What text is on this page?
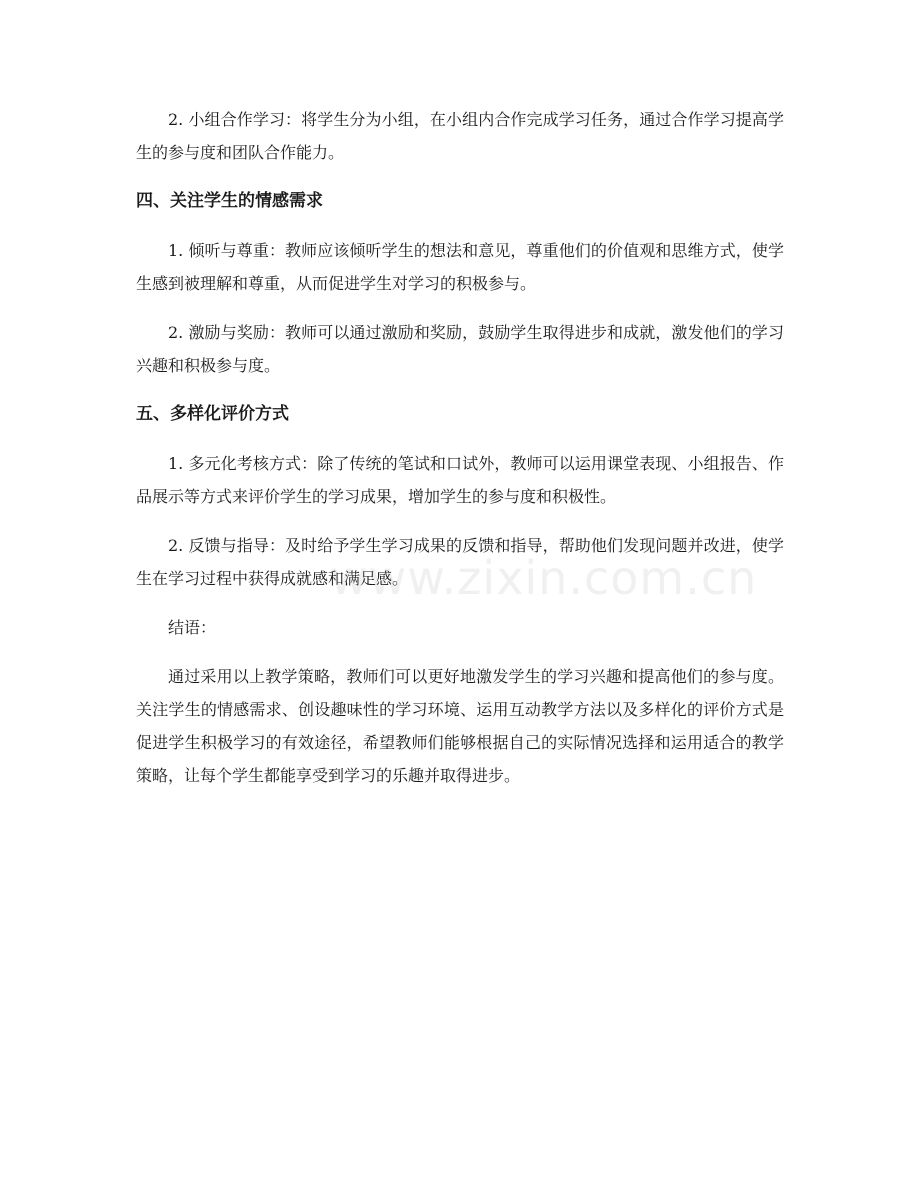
2. 小组合作学习：将学生分为小组，在小组内合作完成学习任务，通过合作学习提高学生的参与度和团队合作能力。

四、关注学生的情感需求

1. 倾听与尊重：教师应该倾听学生的想法和意见，尊重他们的价值观和思维方式，使学生感到被理解和尊重，从而促进学生对学习的积极参与。

2. 激励与奖励：教师可以通过激励和奖励，鼓励学生取得进步和成就，激发他们的学习兴趣和积极参与度。

五、多样化评价方式

1. 多元化考核方式：除了传统的笔试和口试外，教师可以运用课堂表现、小组报告、作品展示等方式来评价学生的学习成果，增加学生的参与度和积极性。

2. 反馈与指导：及时给予学生学习成果的反馈和指导，帮助他们发现问题并改进，使学生在学习过程中获得成就感和满足感。

结语：

通过采用以上教学策略，教师们可以更好地激发学生的学习兴趣和提高他们的参与度。关注学生的情感需求、创设趣味性的学习环境、运用互动教学方法以及多样化的评价方式是促进学生积极学习的有效途径，希望教师们能够根据自己的实际情况选择和运用适合的教学策略，让每个学生都能享受到学习的乐趣并取得进步。

www.zixin.com.cn
